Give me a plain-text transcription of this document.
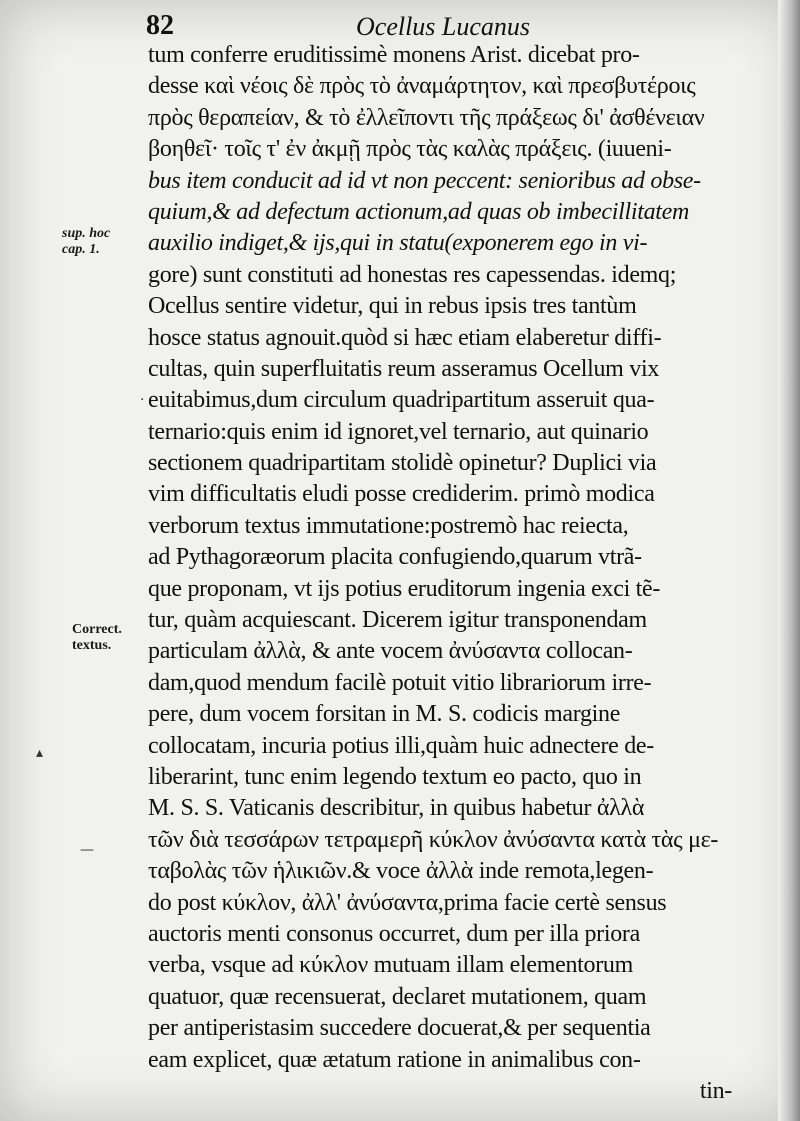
82	Ocellus Lucanus
sup. hoc cap. 1.
Correct. textus.
·
▴
—
tum conferre eruditissimè monens Arist. dicebat pro-
desse καὶ νέοις δὲ πρὸς τὸ ἀναμάρτητον, καὶ πρεσβυτέροις
πρὸς θεραπείαν, & τὸ ἐλλεῖποντι τῆς πράξεως δι' ἀσθένειαν
βοηθεῖ· τοῖς τ' ἐν ἀκμῇ πρὸς τὰς καλὰς πράξεις. (iuueni-
bus item conducit ad id vt non peccent: senioribus ad obse-
quium,& ad defectum actionum,ad quas ob imbecillitatem
auxilio indiget,& ijs,qui in statu(exponerem ego in vi-
gore) sunt constituti ad honestas res capessendas. idemq;
Ocellus sentire videtur, qui in rebus ipsis tres tantùm
hosce status agnouit.quòd si hæc etiam elaberetur diffi-
cultas, quin superfluitatis reum asseramus Ocellum vix
euitabimus,dum circulum quadripartitum asseruit qua-
ternario:quis enim id ignoret,vel ternario, aut quinario
sectionem quadripartitam stolidè opinetur? Duplici via
vim difficultatis eludi posse crediderim. primò modica
verborum textus immutatione:postremò hac reiecta,
ad Pythagoræorum placita confugiendo,quarum vtrã-
que proponam, vt ijs potius eruditorum ingenia exci tẽ-
tur, quàm acquiescant. Dicerem igitur transponendam
particulam ἀλλὰ, & ante vocem ἀνύσαντα collocan-
dam,quod mendum facilè potuit vitio librariorum irre-
pere, dum vocem forsitan in M. S. codicis margine
collocatam, incuria potius illi,quàm huic adnectere de-
liberarint, tunc enim legendo textum eo pacto, quo in
M. S. S. Vaticanis describitur, in quibus habetur ἀλλὰ
τῶν διὰ τεσσάρων τετραμερῆ κύκλον ἀνύσαντα κατὰ τὰς με-
ταβολὰς τῶν ἡλικιῶν.& voce ἀλλὰ inde remota,legen-
do post κύκλον, ἀλλ' ἀνύσαντα,prima facie certè sensus
auctoris menti consonus occurret, dum per illa priora
verba, vsque ad κύκλον mutuam illam elementorum
quatuor, quæ recensuerat, declaret mutationem, quam
per antiperistasim succedere docuerat,& per sequentia
eam explicet, quæ ætatum ratione in animalibus con-
tin-
